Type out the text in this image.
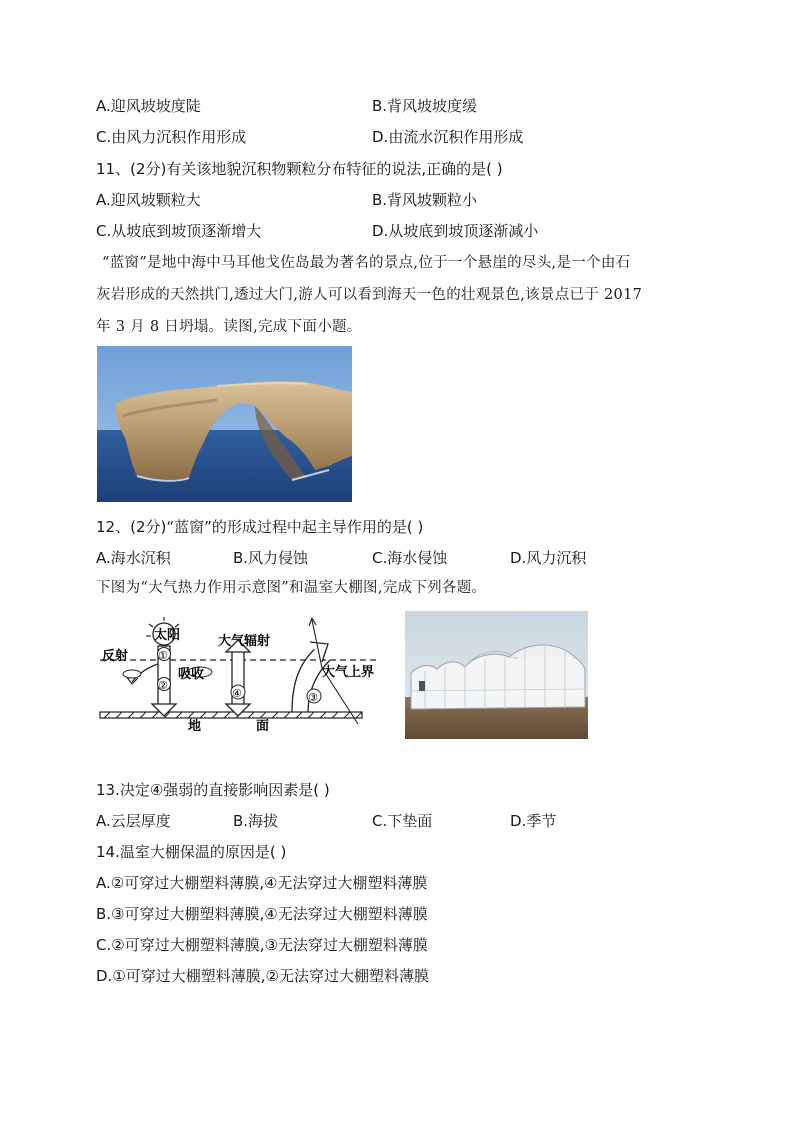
A.迎风坡坡度陡	B.背风坡坡度缓
C.由风力沉积作用形成	D.由流水沉积作用形成
11、(2分)有关该地貌沉积物颗粒分布特征的说法,正确的是( )
A.迎风坡颗粒大	B.背风坡颗粒小
C.从坡底到坡顶逐渐增大	D.从坡底到坡顶逐渐减小
“蓝窗”是地中海中马耳他戈佐岛最为著名的景点,位于一个悬崖的尽头,是一个由石
灰岩形成的天然拱门,透过大门,游人可以看到海天一色的壮观景色,该景点已于 2017
年 3 月 8 日坍塌。读图,完成下面小题。
12、(2分)“蓝窗”的形成过程中起主导作用的是( )
A.海水沉积	B.风力侵蚀	C.海水侵蚀	D.风力沉积
下图为“大气热力作用示意图”和温室大棚图,完成下列各题。
太阳
反射
吸收
大气辐射
大气上界
地	面
①
②
③
④
13.决定④强弱的直接影响因素是( )
A.云层厚度	B.海拔	C.下垫面	D.季节
14.温室大棚保温的原因是( )
A.②可穿过大棚塑料薄膜,④无法穿过大棚塑料薄膜
B.③可穿过大棚塑料薄膜,④无法穿过大棚塑料薄膜
C.②可穿过大棚塑料薄膜,③无法穿过大棚塑料薄膜
D.①可穿过大棚塑料薄膜,②无法穿过大棚塑料薄膜
